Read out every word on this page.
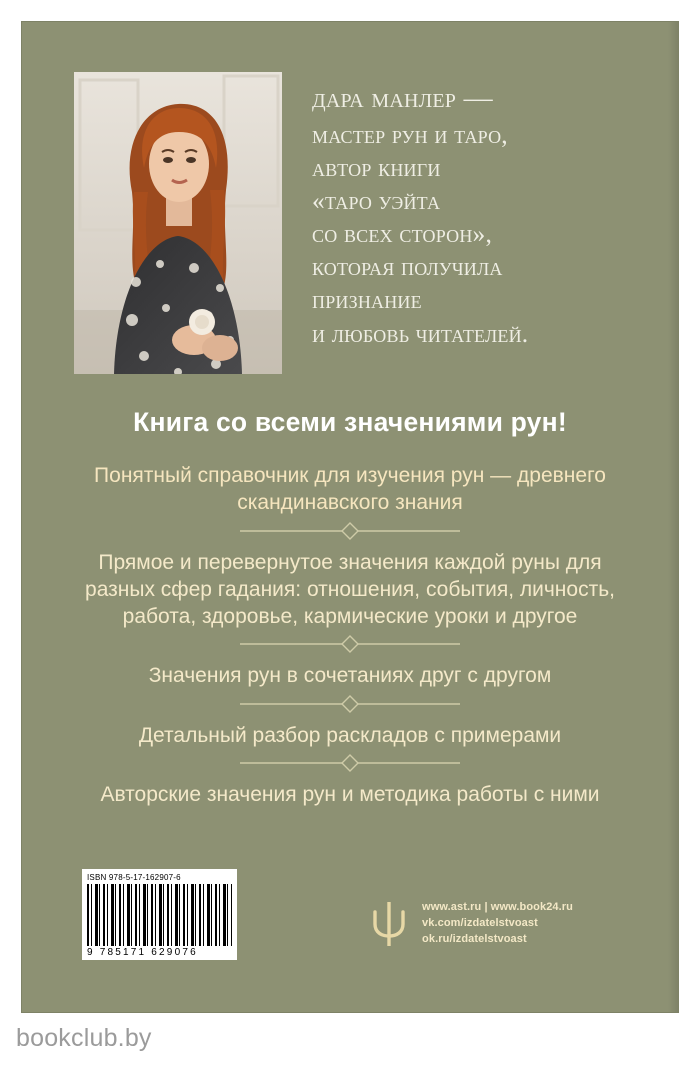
дара манлер —
мастер рун и таро,
автор книги
«таро уэйта
со всех сторон»,
которая получила
признание
и любовь читателей.
Книга со всеми значениями рун!
Понятный справочник для изучения рун — древнего скандинавского знания
Прямое и перевернутое значения каждой руны для разных сфер гадания: отношения, события, личность, работа, здоровье, кармические уроки и другое
Значения рун в сочетаниях друг с другом
Детальный разбор раскладов с примерами
Авторские значения рун и методика работы с ними
ISBN 978-5-17-162907-6
9 785171 629076
www.ast.ru | www.book24.ru
vk.com/izdatelstvoast
ok.ru/izdatelstvoast
bookclub.by
